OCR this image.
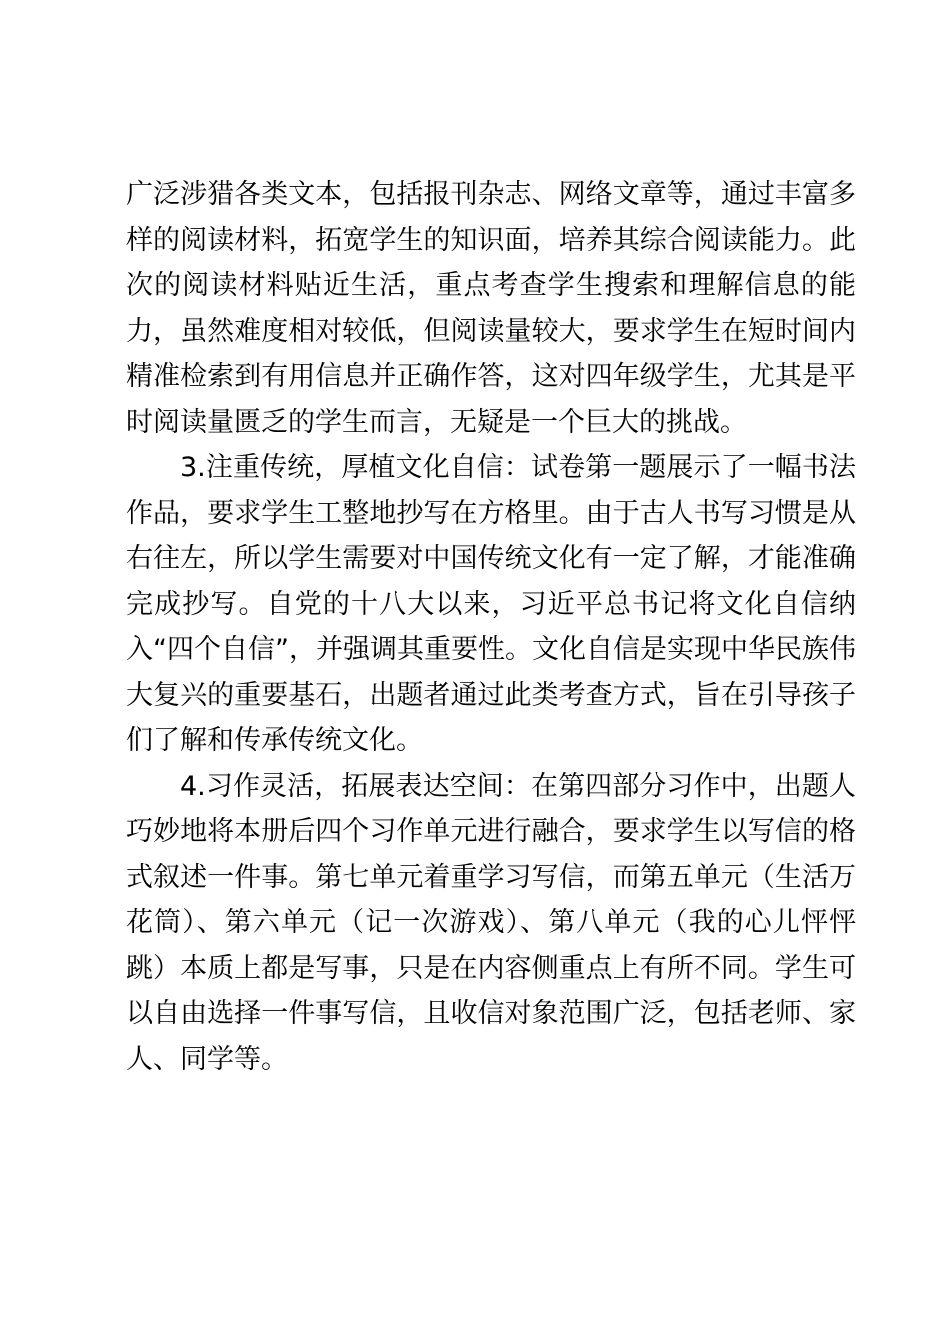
广泛涉猎各类文本，包括报刊杂志、网络文章等，通过丰富多样的阅读材料，拓宽学生的知识面，培养其综合阅读能力。此次的阅读材料贴近生活，重点考查学生搜索和理解信息的能力，虽然难度相对较低，但阅读量较大，要求学生在短时间内精准检索到有用信息并正确作答，这对四年级学生，尤其是平时阅读量匮乏的学生而言，无疑是一个巨大的挑战。

3.注重传统，厚植文化自信：试卷第一题展示了一幅书法作品，要求学生工整地抄写在方格里。由于古人书写习惯是从右往左，所以学生需要对中国传统文化有一定了解，才能准确完成抄写。自党的十八大以来，习近平总书记将文化自信纳入“四个自信”，并强调其重要性。文化自信是实现中华民族伟大复兴的重要基石，出题者通过此类考查方式，旨在引导孩子们了解和传承传统文化。

4.习作灵活，拓展表达空间：在第四部分习作中，出题人巧妙地将本册后四个习作单元进行融合，要求学生以写信的格式叙述一件事。第七单元着重学习写信，而第五单元（生活万花筒）、第六单元（记一次游戏）、第八单元（我的心儿怦怦跳）本质上都是写事，只是在内容侧重点上有所不同。学生可以自由选择一件事写信，且收信对象范围广泛，包括老师、家人、同学等。
